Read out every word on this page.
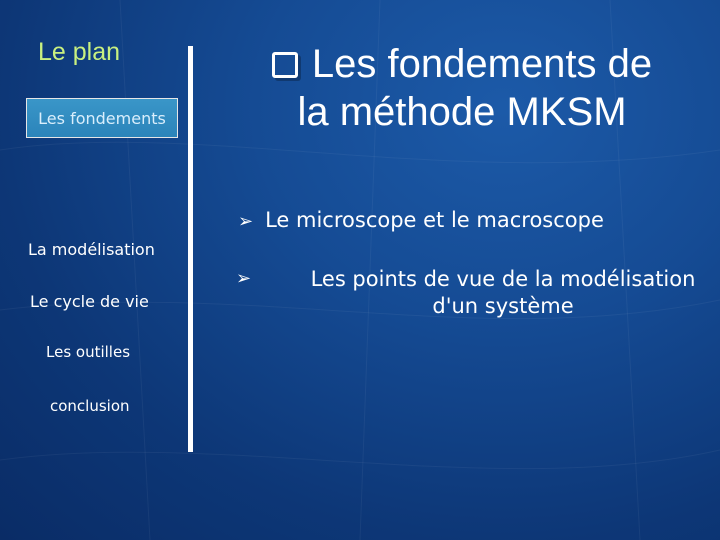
Le plan
Les fondements
La modélisation
Le cycle de vie
Les outilles
conclusion
Les fondements de
la méthode MKSM
➢ Le microscope et le macroscope
➢	Les points de vue de la modélisation d'un système
